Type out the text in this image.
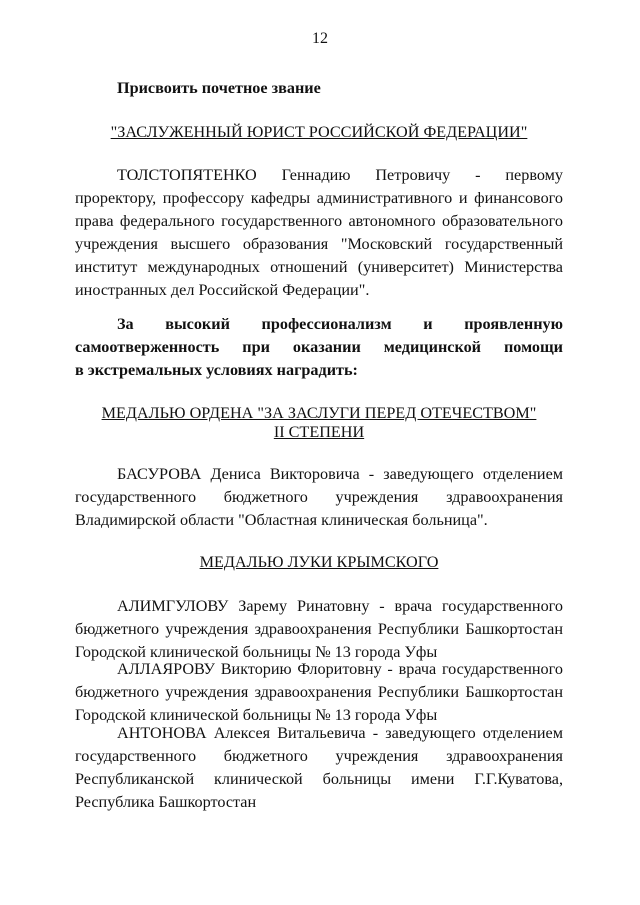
12
Присвоить почетное звание
"ЗАСЛУЖЕННЫЙ ЮРИСТ РОССИЙСКОЙ ФЕДЕРАЦИИ"
ТОЛСТОПЯТЕНКО Геннадию Петровичу - первому проректору, профессору кафедры административного и финансового права федерального государственного автономного образовательного учреждения высшего образования "Московский государственный институт международных отношений (университет) Министерства иностранных дел Российской Федерации".
За высокий профессионализм и проявленную
самоотверженность при оказании медицинской помощи
в экстремальных условиях наградить:
МЕДАЛЬЮ ОРДЕНА "ЗА ЗАСЛУГИ ПЕРЕД ОТЕЧЕСТВОМ"
II СТЕПЕНИ
БАСУРОВА Дениса Викторовича - заведующего отделением государственного бюджетного учреждения здравоохранения Владимирской области "Областная клиническая больница".
МЕДАЛЬЮ ЛУКИ КРЫМСКОГО
АЛИМГУЛОВУ Зарему Ринатовну - врача государственного бюджетного учреждения здравоохранения Республики Башкортостан Городской клинической больницы № 13 города Уфы
АЛЛАЯРОВУ Викторию Флоритовну - врача государственного бюджетного учреждения здравоохранения Республики Башкортостан Городской клинической больницы № 13 города Уфы
АНТОНОВА Алексея Витальевича - заведующего отделением государственного бюджетного учреждения здравоохранения Республиканской клинической больницы имени Г.Г.Куватова, Республика Башкортостан
